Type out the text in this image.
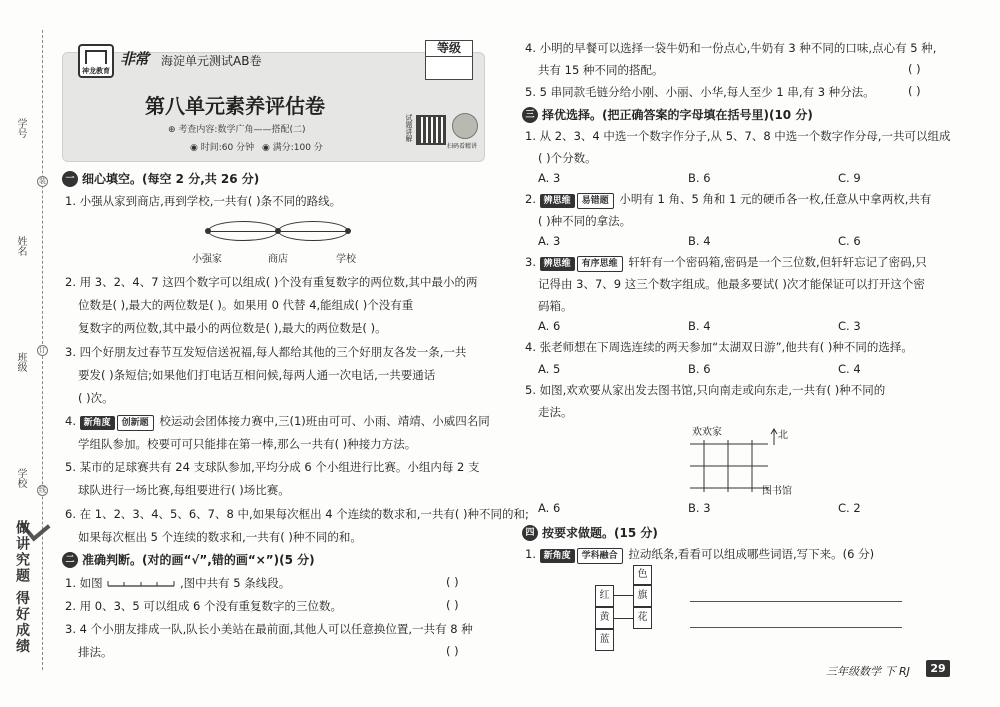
学号
姓名
班级
学校
装
订
线
做讲究题 得好成绩
神龙教育
非常	海淀单元测试AB卷
等级
第八单元素养评估卷
⊕ 考查内容:数学广角——搭配(二)
◉ 时间:60 分钟 ◉ 满分:100 分
试题讲解
扫码看精讲
一 细心填空。(每空 2 分,共 26 分)
1. 小强从家到商店,再到学校,一共有( )条不同的路线。
小强家	商店	学校
2. 用 3、2、4、7 这四个数字可以组成( )个没有重复数字的两位数,其中最小的两
位数是( ),最大的两位数是( )。如果用 0 代替 4,能组成( )个没有重
复数字的两位数,其中最小的两位数是( ),最大的两位数是( )。
3. 四个好朋友过春节互发短信送祝福,每人都给其他的三个好朋友各发一条,一共
要发( )条短信;如果他们打电话互相问候,每两人通一次电话,一共要通话
( )次。
4. 新角度 创新题 校运动会团体接力赛中,三(1)班由可可、小雨、靖靖、小威四名同
学组队参加。校要可可只能排在第一棒,那么一共有( )种接力方法。
5. 某市的足球赛共有 24 支球队参加,平均分成 6 个小组进行比赛。小组内每 2 支
球队进行一场比赛,每组要进行( )场比赛。
6. 在 1、2、3、4、5、6、7、8 中,如果每次框出 4 个连续的数求和,一共有( )种不同的和;
如果每次框出 5 个连续的数求和,一共有( )种不同的和。
二 准确判断。(对的画“√”,错的画“×”)(5 分)
1. 如图	,图中共有 5 条线段。	( )
2. 用 0、3、5 可以组成 6 个没有重复数字的三位数。	( )
3. 4 个小朋友排成一队,队长小美站在最前面,其他人可以任意换位置,一共有 8 种
排法。	( )
4. 小明的早餐可以选择一袋牛奶和一份点心,牛奶有 3 种不同的口味,点心有 5 种,
共有 15 种不同的搭配。	( )
5. 5 串同款毛链分给小刚、小丽、小华,每人至少 1 串,有 3 种分法。	( )
三 择优选择。(把正确答案的字母填在括号里)(10 分)
1. 从 2、3、4 中选一个数字作分子,从 5、7、8 中选一个数字作分母,一共可以组成
( )个分数。
A. 3	B. 6	C. 9
2. 辨思维 易错题 小明有 1 角、5 角和 1 元的硬币各一枚,任意从中拿两枚,共有
( )种不同的拿法。
A. 3	B. 4	C. 6
3. 辨思维 有序思维 轩轩有一个密码箱,密码是一个三位数,但轩轩忘记了密码,只
记得由 3、7、9 这三个数字组成。他最多要试( )次才能保证可以打开这个密
码箱。
A. 6	B. 4	C. 3
4. 张老师想在下周选连续的两天参加“太湖双日游”,他共有( )种不同的选择。
A. 5	B. 6	C. 4
5. 如图,欢欢要从家出发去图书馆,只向南走或向东走,一共有( )种不同的
走法。
欢欢家	北
图书馆
A. 6	B. 3	C. 2
四 按要求做题。(15 分)
1. 新角度 学科融合 拉动纸条,看看可以组成哪些词语,写下来。(6 分)
色
红	旗
黄	花
蓝
三年级数学 下 RJ	29
